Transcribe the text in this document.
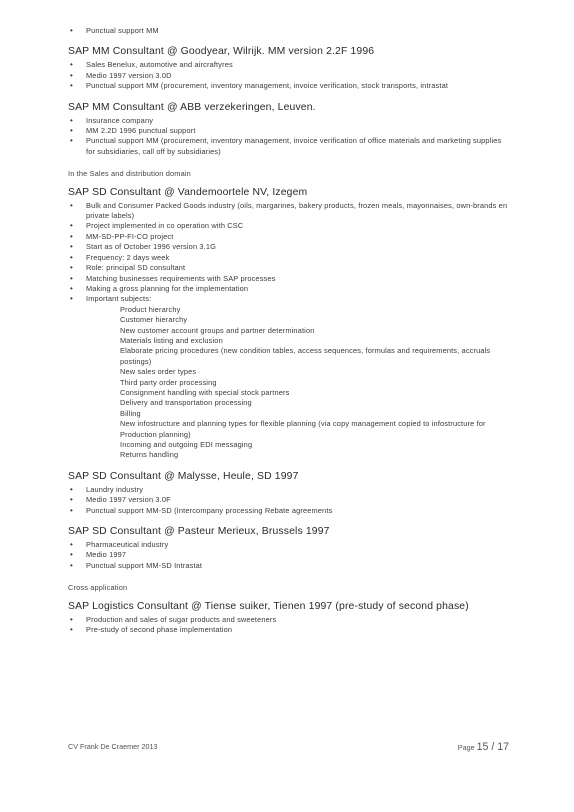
• Punctual support MM
SAP MM Consultant @ Goodyear, Wilrijk. MM version 2.2F 1996
• Sales Benelux, automotive and aircraftyres
• Medio 1997 version 3.0D
• Punctual support MM (procurement, inventory management, invoice verification, stock transports, intrastat
SAP MM Consultant @ ABB verzekeringen, Leuven.
• Insurance company
• MM 2.2D 1996 punctual support
• Punctual support MM (procurement, inventory management, invoice verification of office materials and marketing supplies for subsidiaries, call off by subsidiaries)
In the Sales and distribution domain
SAP SD Consultant @ Vandemoortele NV, Izegem
• Bulk and Consumer Packed Goods industry (oils, margarines, bakery products, frozen meals, mayonnaises, own-brands en private labels)
• Project implemented in co operation with CSC
• MM-SD-PP-FI-CO project
• Start as of October 1996 version 3.1G
• Frequency: 2 days week
• Role: principal SD consultant
• Matching businesses requirements with SAP processes
• Making a gross planning for the implementation
• Important subjects:
Product hierarchy
Customer hierarchy
New customer account groups and partner determination
Materials listing and exclusion
Elaborate pricing procedures (new condition tables, access sequences, formulas and requirements, accruals postings)
New sales order types
Third party order processing
Consignment handling with special stock partners
Delivery and transportation processing
Billing
New infostructure and planning types for flexible planning (via copy management copied to infostructure for Production planning)
Incoming and outgoing EDI messaging
Returns handling
SAP SD Consultant @ Malysse, Heule, SD 1997
• Laundry industry
• Medio 1997 version 3.0F
• Punctual support MM-SD (Intercompany processing Rebate agreements
SAP SD Consultant @ Pasteur Merieux, Brussels 1997
• Pharmaceutical industry
• Medio 1997
• Punctual support MM-SD Intrastat
Cross application
SAP Logistics Consultant @ Tiense suiker, Tienen 1997 (pre-study of second phase)
• Production and sales of sugar products and sweeteners
• Pre-study of second phase implementation
CV Frank De Craemer 2013	Page 15 / 17
